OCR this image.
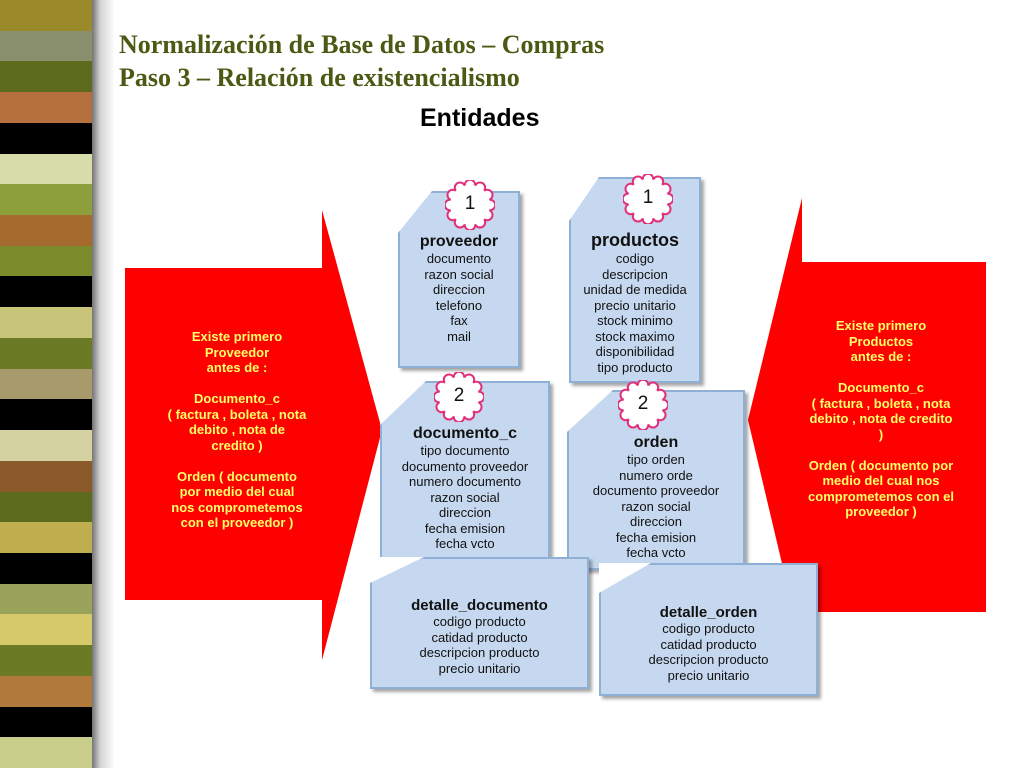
Normalización de Base de Datos – Compras
Paso 3 – Relación de existencialismo
Entidades
Existe primero
Proveedor
antes de :

Documento_c
( factura , boleta , nota
debito , nota de
credito )

Orden ( documento
por medio del cual
nos comprometemos
con el proveedor )
Existe primero
Productos
antes de :

Documento_c
( factura , boleta , nota
debito , nota de credito
)

Orden ( documento por
medio del cual nos
comprometemos con el
proveedor )
proveedor
documento
razon social
direccion
telefono
fax
mail
productos
codigo
descripcion
unidad de medida
precio unitario
stock minimo
stock maximo
disponibilidad
tipo producto
documento_c
tipo documento
documento proveedor
numero documento
razon social
direccion
fecha emision
fecha vcto
orden
tipo orden
numero orde
documento proveedor
razon social
direccion
fecha emision
fecha vcto
detalle_documento
codigo producto
catidad producto
descripcion producto
precio unitario
detalle_orden
codigo producto
catidad producto
descripcion producto
precio unitario
1	1
2	2
